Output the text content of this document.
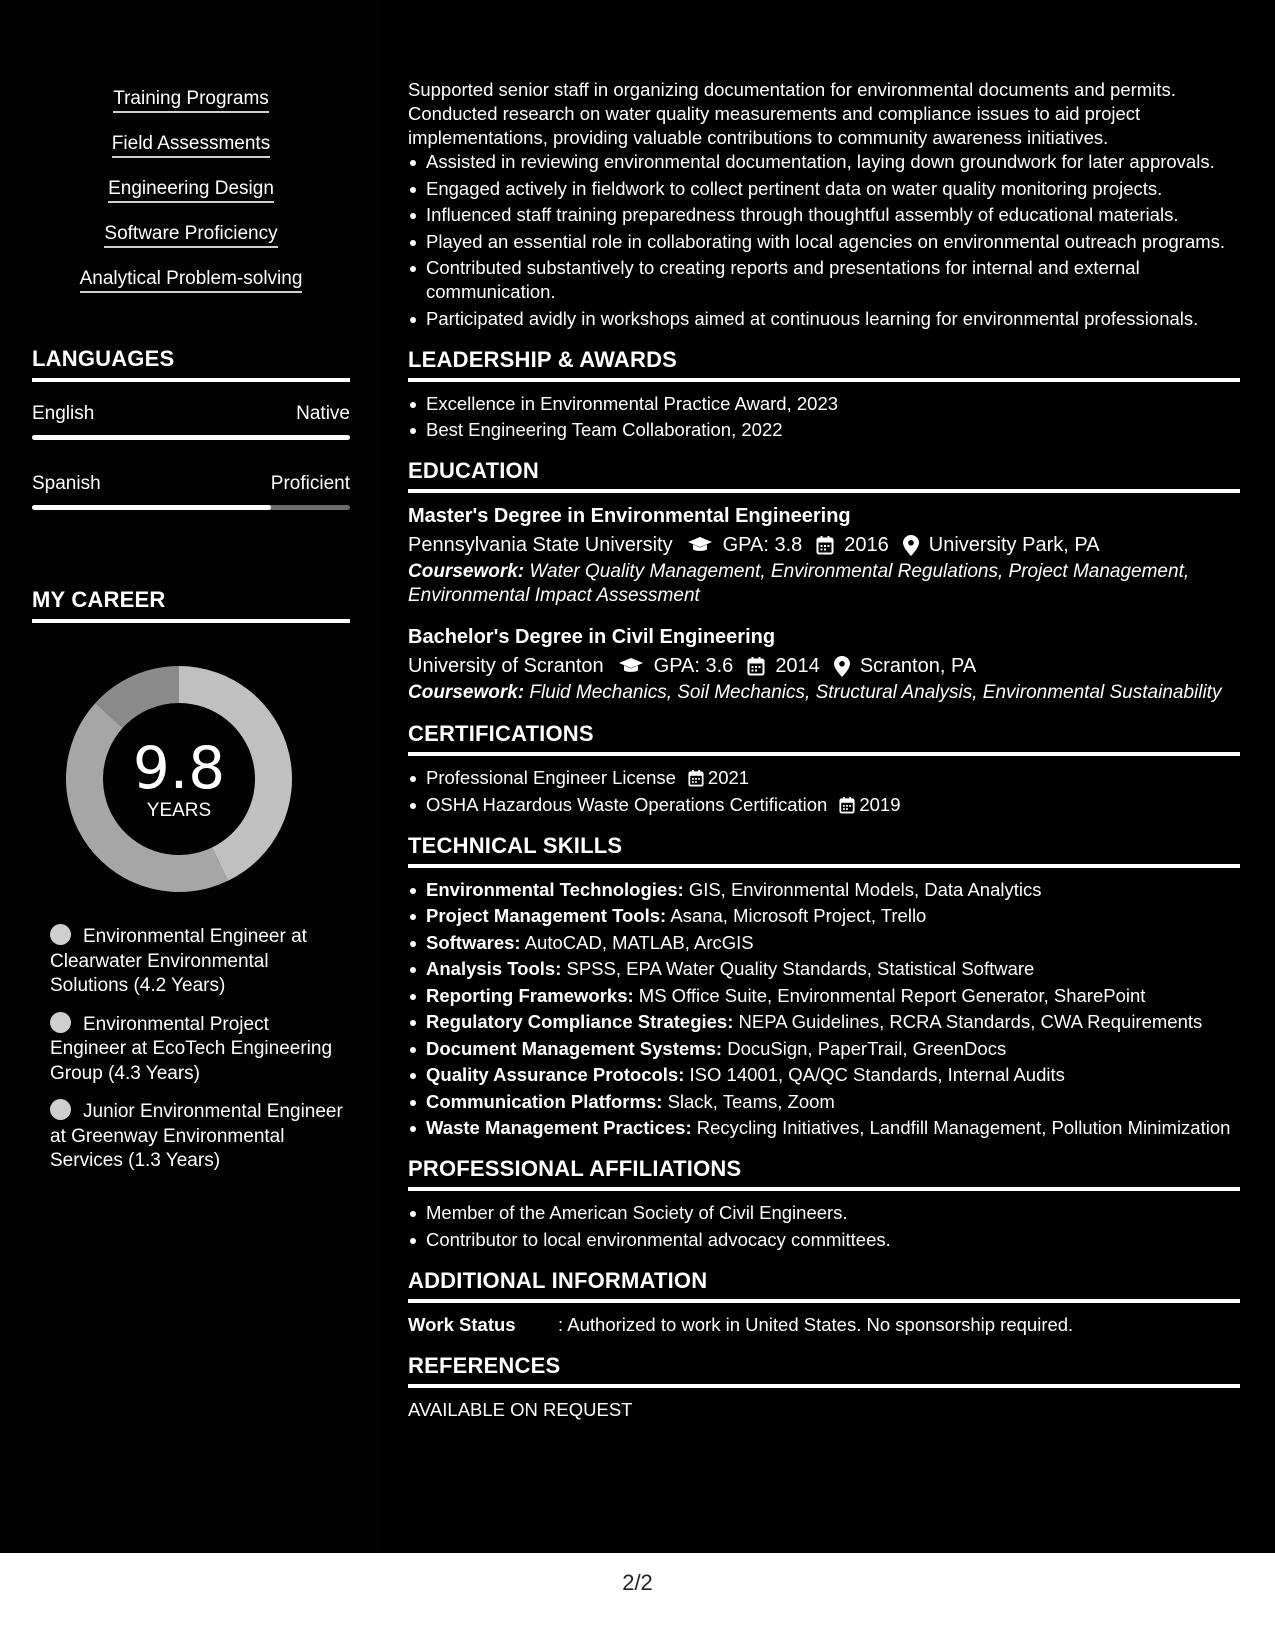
Training Programs
Field Assessments
Engineering Design
Software Proficiency
Analytical Problem-solving
LANGUAGES
English	Native
Spanish	Proficient
MY CAREER
9.8
YEARS
Environmental Engineer at Clearwater Environmental Solutions (4.2 Years)
Environmental Project Engineer at EcoTech Engineering Group (4.3 Years)
Junior Environmental Engineer at Greenway Environmental Services (1.3 Years)

Supported senior staff in organizing documentation for environmental documents and permits. Conducted research on water quality measurements and compliance issues to aid project implementations, providing valuable contributions to community awareness initiatives.

Assisted in reviewing environmental documentation, laying down groundwork for later approvals.
Engaged actively in fieldwork to collect pertinent data on water quality monitoring projects.
Influenced staff training preparedness through thoughtful assembly of educational materials.
Played an essential role in collaborating with local agencies on environmental outreach programs.
Contributed substantively to creating reports and presentations for internal and external communication.
Participated avidly in workshops aimed at continuous learning for environmental professionals.
LEADERSHIP & AWARDS
Excellence in Environmental Practice Award, 2023
Best Engineering Team Collaboration, 2022
EDUCATION
Master's Degree in Environmental Engineering
Pennsylvania State University	GPA: 3.8 2016 University Park, PA
Coursework: Water Quality Management, Environmental Regulations, Project Management, Environmental Impact Assessment
Bachelor's Degree in Civil Engineering
University of Scranton	GPA: 3.6 2014 Scranton, PA
Coursework: Fluid Mechanics, Soil Mechanics, Structural Analysis, Environmental Sustainability
CERTIFICATIONS
Professional Engineer License 2021
OSHA Hazardous Waste Operations Certification 2019
TECHNICAL SKILLS
Environmental Technologies: GIS, Environmental Models, Data Analytics
Project Management Tools: Asana, Microsoft Project, Trello
Softwares: AutoCAD, MATLAB, ArcGIS
Analysis Tools: SPSS, EPA Water Quality Standards, Statistical Software
Reporting Frameworks: MS Office Suite, Environmental Report Generator, SharePoint
Regulatory Compliance Strategies: NEPA Guidelines, RCRA Standards, CWA Requirements
Document Management Systems: DocuSign, PaperTrail, GreenDocs
Quality Assurance Protocols: ISO 14001, QA/QC Standards, Internal Audits
Communication Platforms: Slack, Teams, Zoom
Waste Management Practices: Recycling Initiatives, Landfill Management, Pollution Minimization
PROFESSIONAL AFFILIATIONS
Member of the American Society of Civil Engineers.
Contributor to local environmental advocacy committees.
ADDITIONAL INFORMATION
Work Status	: Authorized to work in United States. No sponsorship required.
REFERENCES
AVAILABLE ON REQUEST
2/2
